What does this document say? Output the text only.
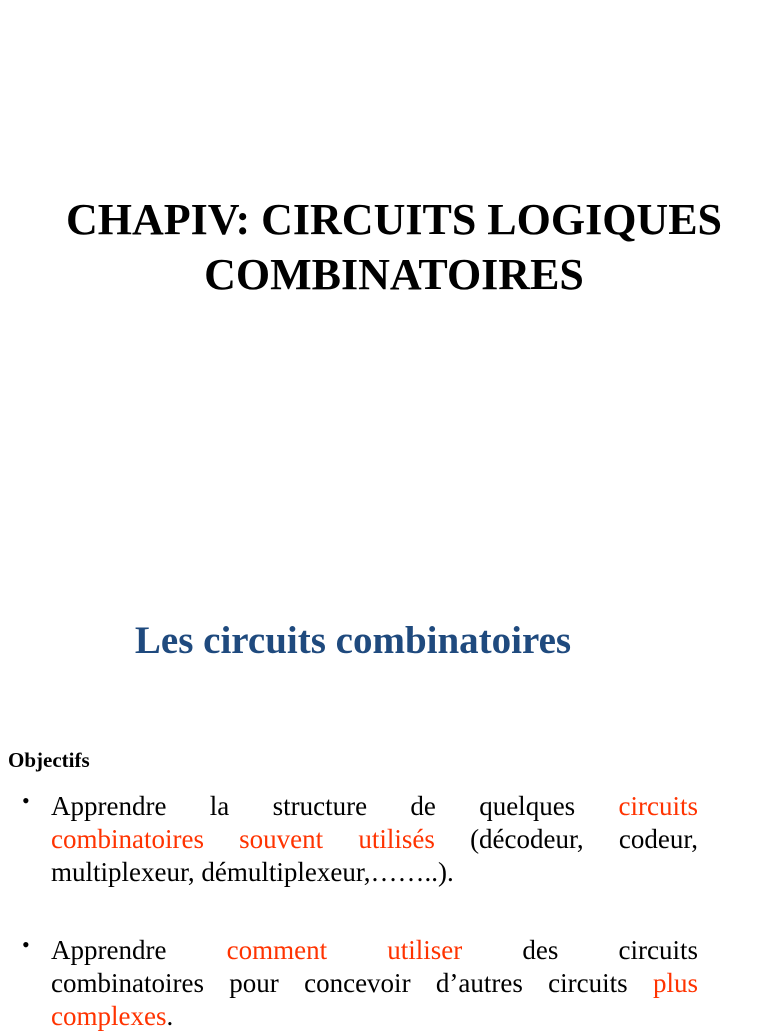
CHAPIV: CIRCUITS LOGIQUES
COMBINATOIRES
Les circuits combinatoires
Objectifs
• Apprendre la structure de quelques circuits
combinatoires souvent utilisés (décodeur, codeur,
multiplexeur, démultiplexeur,……..).
• Apprendre comment utiliser des circuits
combinatoires pour concevoir d’autres circuits plus
complexes.
